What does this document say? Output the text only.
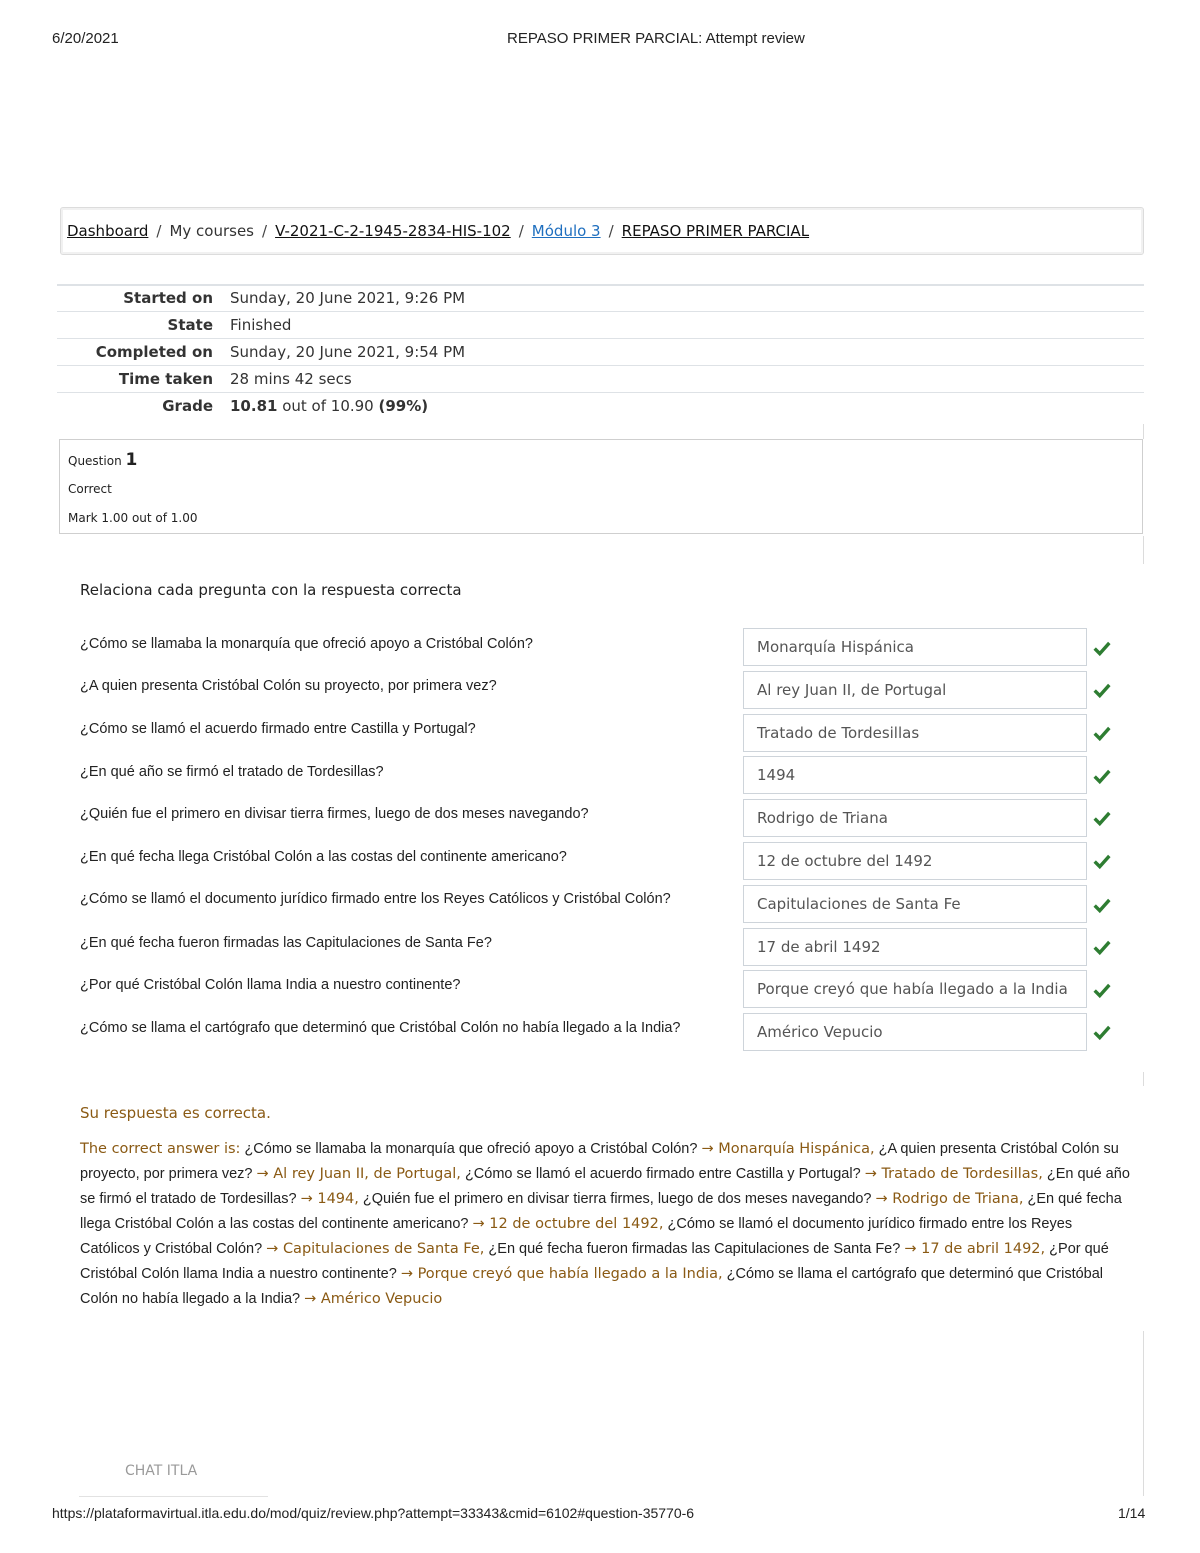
6/20/2021	REPASO PRIMER PARCIAL: Attempt review
Dashboard / My courses / V-2021-C-2-1945-2834-HIS-102 / Módulo 3 / REPASO PRIMER PARCIAL
Started on	Sunday, 20 June 2021, 9:26 PM
State	Finished
Completed on	Sunday, 20 June 2021, 9:54 PM
Time taken	28 mins 42 secs
Grade	10.81 out of 10.90 (99%)
Question 1
Correct
Mark 1.00 out of 1.00
Relaciona cada pregunta con la respuesta correcta
¿Cómo se llamaba la monarquía que ofreció apoyo a Cristóbal Colón?	Monarquía Hispánica
¿A quien presenta Cristóbal Colón su proyecto, por primera vez?	Al rey Juan II, de Portugal
¿Cómo se llamó el acuerdo firmado entre Castilla y Portugal?	Tratado de Tordesillas
¿En qué año se firmó el tratado de Tordesillas?	1494
¿Quién fue el primero en divisar tierra firmes, luego de dos meses navegando?	Rodrigo de Triana
¿En qué fecha llega Cristóbal Colón a las costas del continente americano?	12 de octubre del 1492
¿Cómo se llamó el documento jurídico firmado entre los Reyes Católicos y Cristóbal Colón?	Capitulaciones de Santa Fe
¿En qué fecha fueron firmadas las Capitulaciones de Santa Fe?	17 de abril 1492
¿Por qué Cristóbal Colón llama India a nuestro continente?	Porque creyó que había llegado a la India
¿Cómo se llama el cartógrafo que determinó que Cristóbal Colón no había llegado a la India?	Américo Vepucio
Su respuesta es correcta.
The correct answer is: ¿Cómo se llamaba la monarquía que ofreció apoyo a Cristóbal Colón? → Monarquía Hispánica, ¿A quien presenta Cristóbal Colón su proyecto, por primera vez? → Al rey Juan II, de Portugal, ¿Cómo se llamó el acuerdo firmado entre Castilla y Portugal? → Tratado de Tordesillas, ¿En qué año se firmó el tratado de Tordesillas? → 1494, ¿Quién fue el primero en divisar tierra firmes, luego de dos meses navegando? → Rodrigo de Triana, ¿En qué fecha llega Cristóbal Colón a las costas del continente americano? → 12 de octubre del 1492, ¿Cómo se llamó el documento jurídico firmado entre los Reyes Católicos y Cristóbal Colón? → Capitulaciones de Santa Fe, ¿En qué fecha fueron firmadas las Capitulaciones de Santa Fe? → 17 de abril 1492, ¿Por qué Cristóbal Colón llama India a nuestro continente? → Porque creyó que había llegado a la India, ¿Cómo se llama el cartógrafo que determinó que Cristóbal Colón no había llegado a la India? → Américo Vepucio
CHAT ITLA
https://plataformavirtual.itla.edu.do/mod/quiz/review.php?attempt=33343&cmid=6102#question-35770-6	1/14
